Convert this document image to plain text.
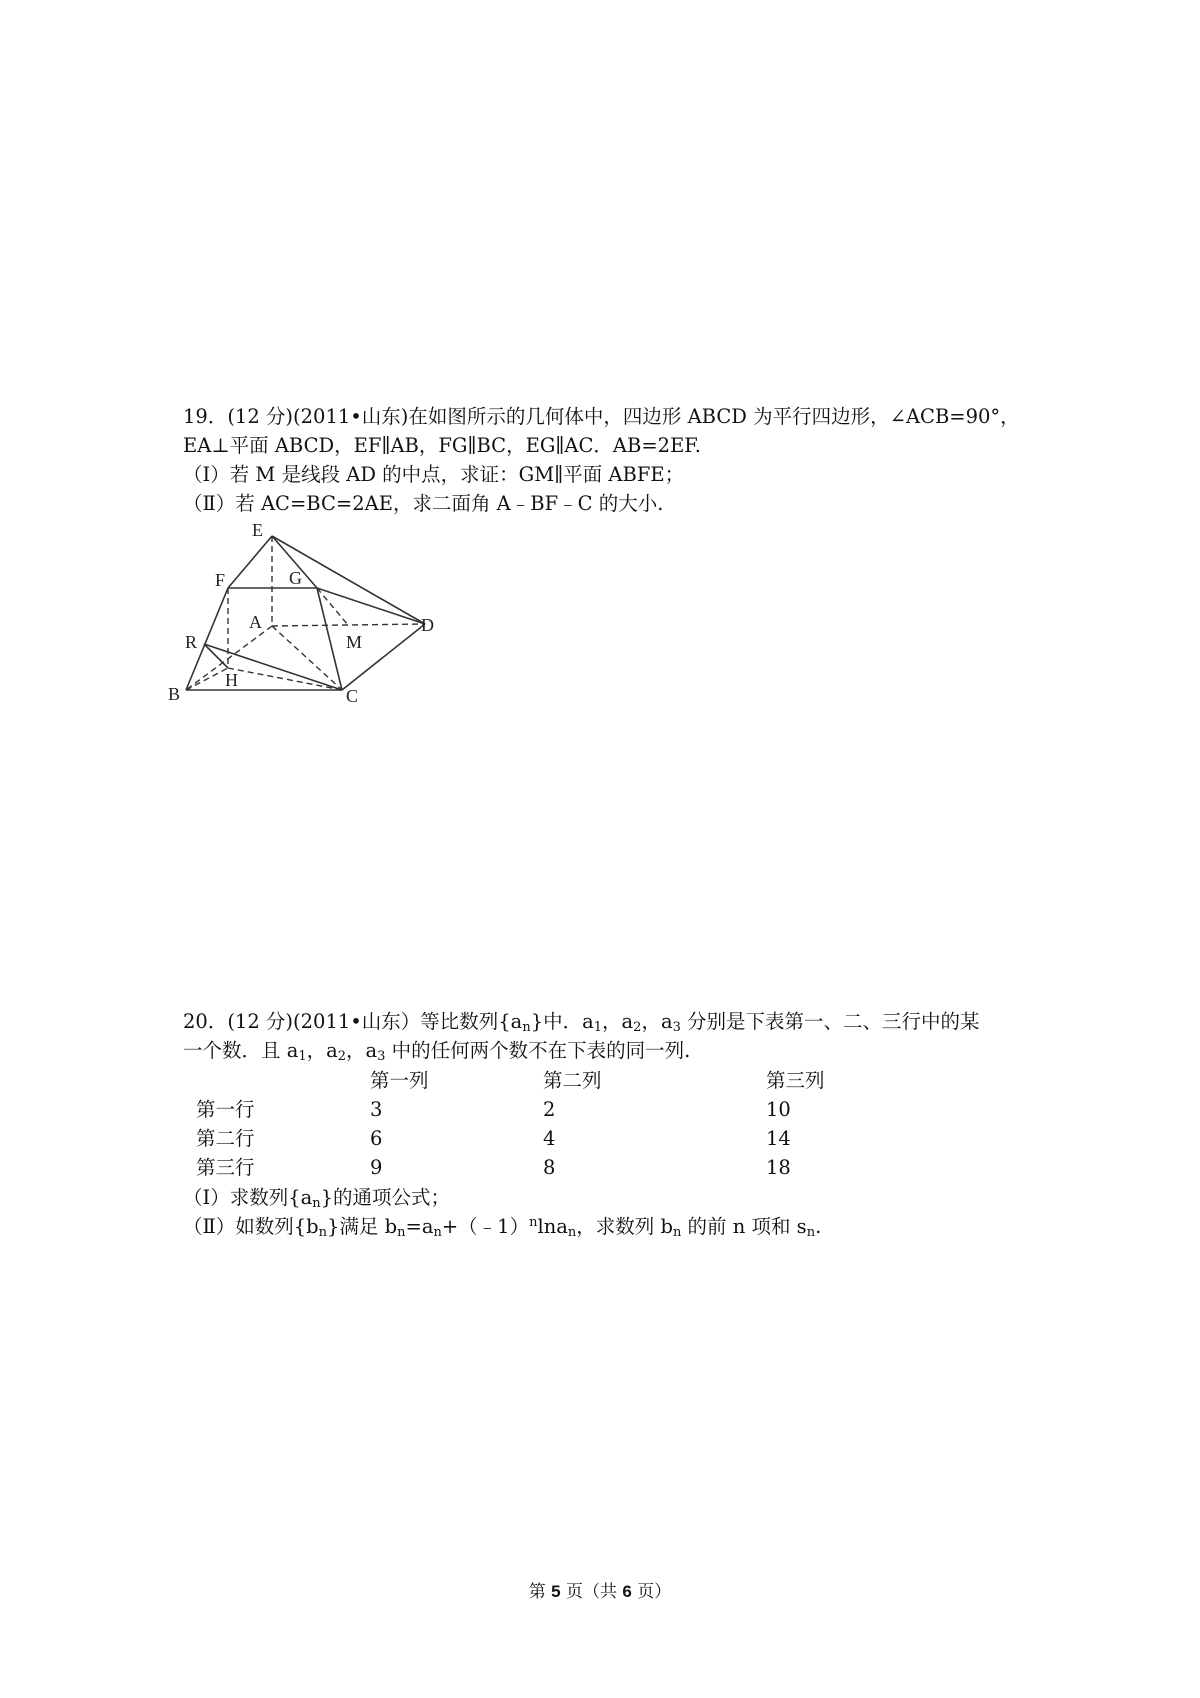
19．(12 分)(2011•山东)在如图所示的几何体中，四边形 ABCD 为平行四边形，∠ACB=90°，
EA⊥平面 ABCD，EF∥AB，FG∥BC，EG∥AC．AB=2EF.
（Ⅰ）若 M 是线段 AD 的中点，求证：GM∥平面 ABFE；
（Ⅱ）若 AC=BC=2AE，求二面角 A﹣BF﹣C 的大小.
E
F	G
A
M
D
R
H
B	C
20．(12 分)(2011•山东）等比数列$\{a_n\}$中．$a_1$，$a_2$，$a_3$ 分别是下表第一、二、三行中的某
一个数．且 $a_1$，$a_2$，$a_3$ 中的任何两个数不在下表的同一列.
第一列	第二列	第三列
第一行	3	2	10
第二行	6	4	14
第三行	9	8	18
（Ⅰ）求数列$\{a_n\}$的通项公式；
（Ⅱ）如数列$\{b_n\}$满足 $b_n=a_n+(﹣1)^n\ln a_n$，求数列 $b_n$ 的前 n 项和 $s_n$.
第 5 页（共 6 页）
